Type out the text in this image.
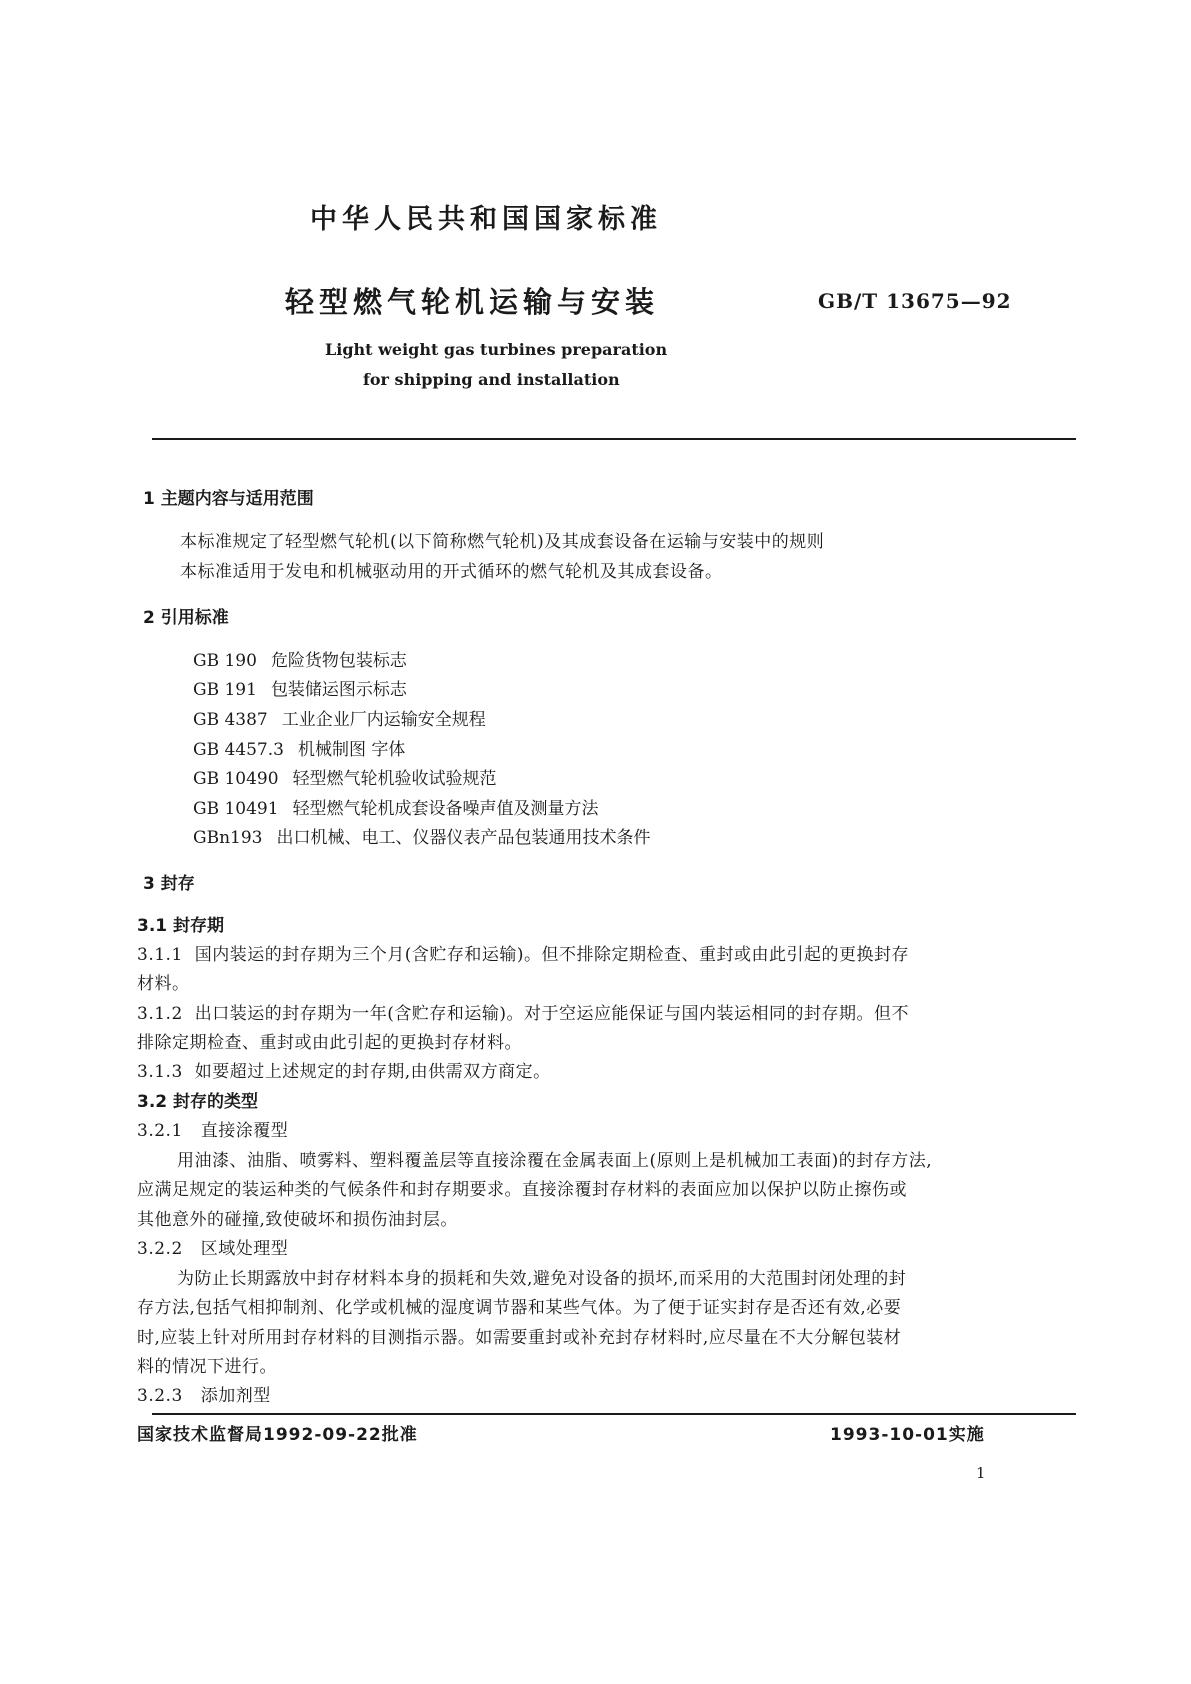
中华人民共和国国家标准
轻型燃气轮机运输与安装	GB/T 13675—92
Light weight gas turbines preparation
for shipping and installation
1 主题内容与适用范围
本标准规定了轻型燃气轮机(以下简称燃气轮机)及其成套设备在运输与安装中的规则
本标准适用于发电和机械驱动用的开式循环的燃气轮机及其成套设备。
2 引用标准
GB 190 危险货物包装标志
GB 191 包装储运图示标志
GB 4387 工业企业厂内运输安全规程
GB 4457.3 机械制图 字体
GB 10490 轻型燃气轮机验收试验规范
GB 10491 轻型燃气轮机成套设备噪声值及测量方法
GBn193 出口机械、电工、仪器仪表产品包装通用技术条件
3 封存
3.1 封存期
3.1.1 国内装运的封存期为三个月(含贮存和运输)。但不排除定期检查、重封或由此引起的更换封存
材料。
3.1.2 出口装运的封存期为一年(含贮存和运输)。对于空运应能保证与国内装运相同的封存期。但不
排除定期检查、重封或由此引起的更换封存材料。
3.1.3 如要超过上述规定的封存期,由供需双方商定。
3.2 封存的类型
3.2.1 直接涂覆型
用油漆、油脂、喷雾料、塑料覆盖层等直接涂覆在金属表面上(原则上是机械加工表面)的封存方法,
应满足规定的装运种类的气候条件和封存期要求。直接涂覆封存材料的表面应加以保护以防止擦伤或
其他意外的碰撞,致使破坏和损伤油封层。
3.2.2 区域处理型
为防止长期露放中封存材料本身的损耗和失效,避免对设备的损坏,而采用的大范围封闭处理的封
存方法,包括气相抑制剂、化学或机械的湿度调节器和某些气体。为了便于证实封存是否还有效,必要
时,应装上针对所用封存材料的目测指示器。如需要重封或补充封存材料时,应尽量在不大分解包装材
料的情况下进行。
3.2.3 添加剂型
国家技术监督局1992-09-22批准	1993-10-01实施
1
